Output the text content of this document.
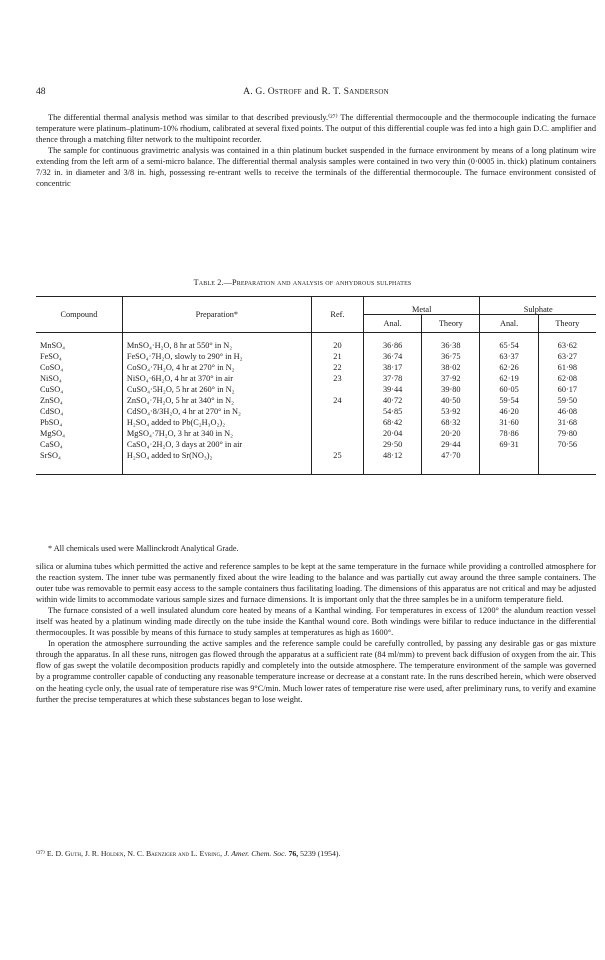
48	A. G. Ostroff and R. T. Sanderson

The differential thermal analysis method was similar to that described previously.⁽²⁷⁾ The differential thermocouple and the thermocouple indicating the furnace temperature were platinum–platinum-10% rhodium, calibrated at several fixed points. The output of this differential couple was fed into a high gain D.C. amplifier and thence through a matching filter network to the multipoint recorder.

The sample for continuous gravimetric analysis was contained in a thin platinum bucket suspended in the furnace environment by means of a long platinum wire extending from the left arm of a semi-micro balance. The differential thermal analysis samples were contained in two very thin (0·0005 in. thick) platinum containers 7/32 in. in diameter and 3/8 in. high, possessing re-entrant wells to receive the terminals of the differential thermocouple. The furnace environment consisted of concentric

Table 2.—Preparation and analysis of anhydrous sulphates
Compound	Preparation*	Ref.	Metal		Sulphate	
			Anal.	Theory	Anal.	Theory

MnSO₄	MnSO₄·H₂O, 8 hr at 550° in N₂	20	36·86	36·38	65·54	63·62
FeSO₄	FeSO₄·7H₂O, slowly to 290° in H₂	21	36·74	36·75	63·37	63·27
CoSO₄	CoSO₄·7H₂O, 4 hr at 270° in N₂	22	38·17	38·02	62·26	61·98
NiSO₄	NiSO₄·6H₂O, 4 hr at 370° in air	23	37·78	37·92	62·19	62·08
CuSO₄	CuSO₄·5H₂O, 5 hr at 260° in N₂		39·44	39·80	60·05	60·17
ZnSO₄	ZnSO₄·7H₂O, 5 hr at 340° in N₂	24	40·72	40·50	59·54	59·50
CdSO₄	CdSO₄·8/3H₂O, 4 hr at 270° in N₂		54·85	53·92	46·20	46·08
PbSO₄	H₂SO₄ added to Pb(C₂H₃O₂)₂		68·42	68·32	31·60	31·68
MgSO₄	MgSO₄·7H₂O, 3 hr at 340 in N₂		20·04	20·20	78·86	79·80
CaSO₄	CaSO₄·2H₂O, 3 days at 200° in air		29·50	29·44	69·31	70·56
SrSO₄	H₂SO₄ added to Sr(NO₃)₂	25	48·12	47·70		

* All chemicals used were Mallinckrodt Analytical Grade.

silica or alumina tubes which permitted the active and reference samples to be kept at the same temperature in the furnace while providing a controlled atmosphere for the reaction system. The inner tube was permanently fixed about the wire leading to the balance and was partially cut away around the three sample containers. The outer tube was removable to permit easy access to the sample containers thus facilitating loading. The dimensions of this apparatus are not critical and may be adjusted within wide limits to accommodate various sample sizes and furnace dimensions. It is important only that the three samples be in a uniform temperature field.

The furnace consisted of a well insulated alundum core heated by means of a Kanthal winding. For temperatures in excess of 1200° the alundum reaction vessel itself was heated by a platinum winding made directly on the tube inside the Kanthal wound core. Both windings were bifilar to reduce inductance in the differential thermocouples. It was possible by means of this furnace to study samples at temperatures as high as 1600°.

In operation the atmosphere surrounding the active samples and the reference sample could be carefully controlled, by passing any desirable gas or gas mixture through the apparatus. In all these runs, nitrogen gas flowed through the apparatus at a sufficient rate (84 ml/mm) to prevent back diffusion of oxygen from the air. This flow of gas swept the volatile decomposition products rapidly and completely into the outside atmosphere. The temperature environment of the sample was governed by a programme controller capable of conducting any reasonable temperature increase or decrease at a constant rate. In the runs described herein, which were observed on the heating cycle only, the usual rate of temperature rise was 9°C/min. Much lower rates of temperature rise were used, after preliminary runs, to verify and examine further the precise temperatures at which these substances began to lose weight.

⁽²⁷⁾ E. D. Guth, J. R. Holden, N. C. Baenziger and L. Eyring, J. Amer. Chem. Soc. 76, 5239 (1954).
